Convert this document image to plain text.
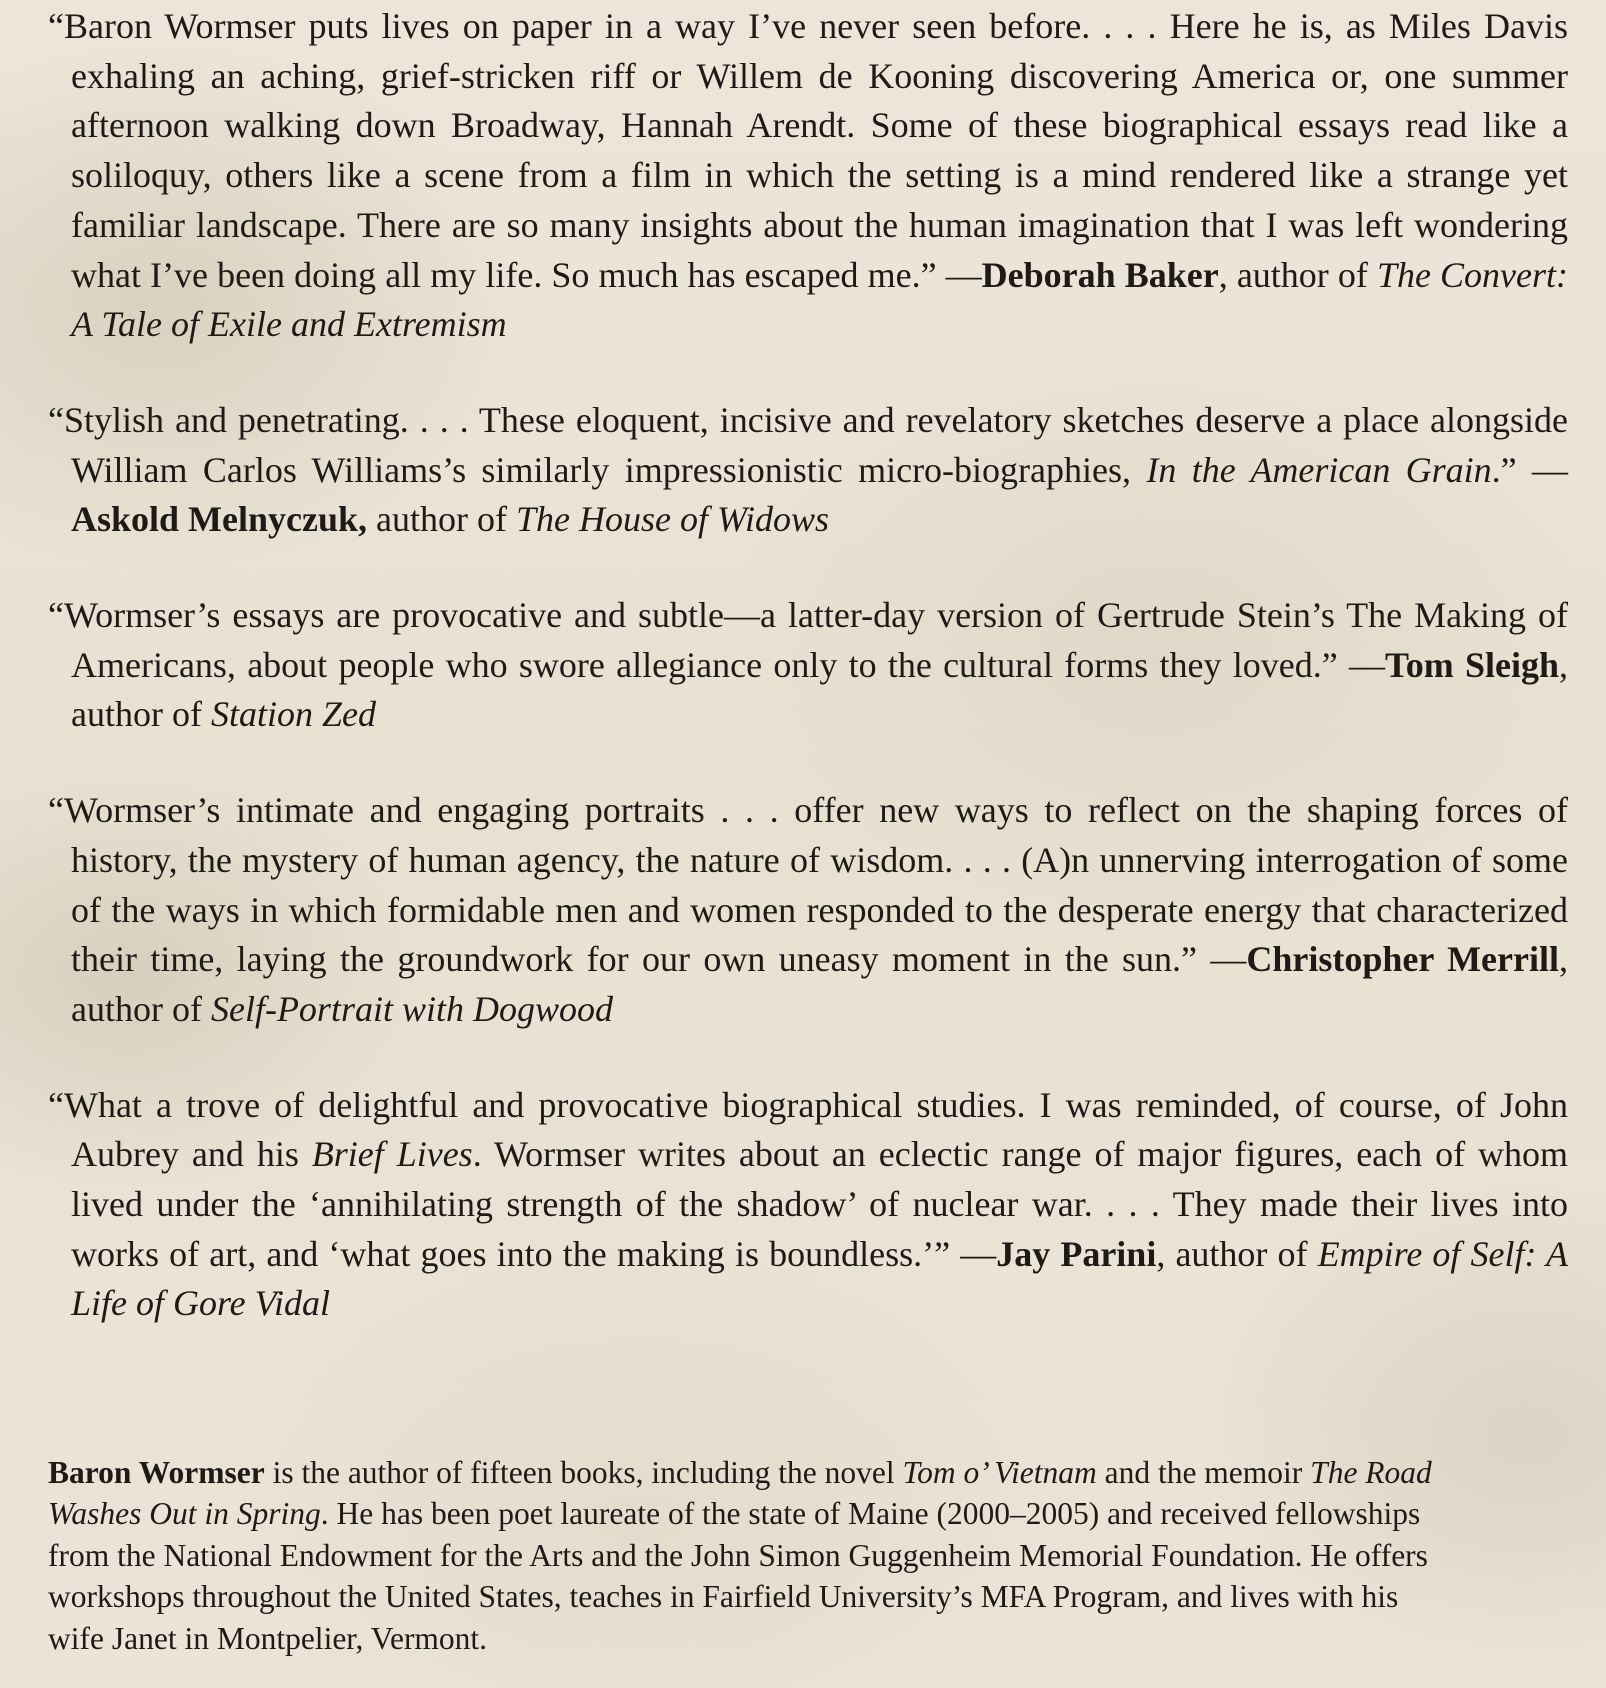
“Baron Wormser puts lives on paper in a way I’ve never seen before. . . . Here he is, as Miles Davis exhaling an aching, grief-stricken riff or Willem de Kooning discovering America or, one summer afternoon walking down Broadway, Hannah Arendt. Some of these biographical essays read like a soliloquy, others like a scene from a film in which the setting is a mind rendered like a strange yet familiar landscape. There are so many insights about the human imagination that I was left wondering what I’ve been doing all my life. So much has escaped me.” —Deborah Baker, author of The Convert: A Tale of Exile and Extremism

“Stylish and penetrating. . . . These eloquent, incisive and revelatory sketches deserve a place alongside William Carlos Williams’s similarly impressionistic micro-biographies, In the American Grain.” —Askold Melnyczuk, author of The House of Widows

“Wormser’s essays are provocative and subtle—a latter-day version of Gertrude Stein’s The Making of Americans, about people who swore allegiance only to the cultural forms they loved.” —Tom Sleigh, author of Station Zed

“Wormser’s intimate and engaging portraits . . . offer new ways to reflect on the shaping forces of history, the mystery of human agency, the nature of wisdom. . . . (A)n unnerving interrogation of some of the ways in which formidable men and women responded to the desperate energy that characterized their time, laying the groundwork for our own uneasy moment in the sun.” —Christopher Merrill, author of Self-Portrait with Dogwood

“What a trove of delightful and provocative biographical studies. I was reminded, of course, of John Aubrey and his Brief Lives. Wormser writes about an eclectic range of major figures, each of whom lived under the ‘annihilating strength of the shadow’ of nuclear war. . . . They made their lives into works of art, and ‘what goes into the making is boundless.’” —Jay Parini, author of Empire of Self: A Life of Gore Vidal

Baron Wormser is the author of fifteen books, including the novel Tom o’ Vietnam and the memoir The Road Washes Out in Spring. He has been poet laureate of the state of Maine (2000–2005) and received fellowships from the National Endowment for the Arts and the John Simon Guggenheim Memorial Foundation. He offers workshops throughout the United States, teaches in Fairfield University’s MFA Program, and lives with his wife Janet in Montpelier, Vermont.
